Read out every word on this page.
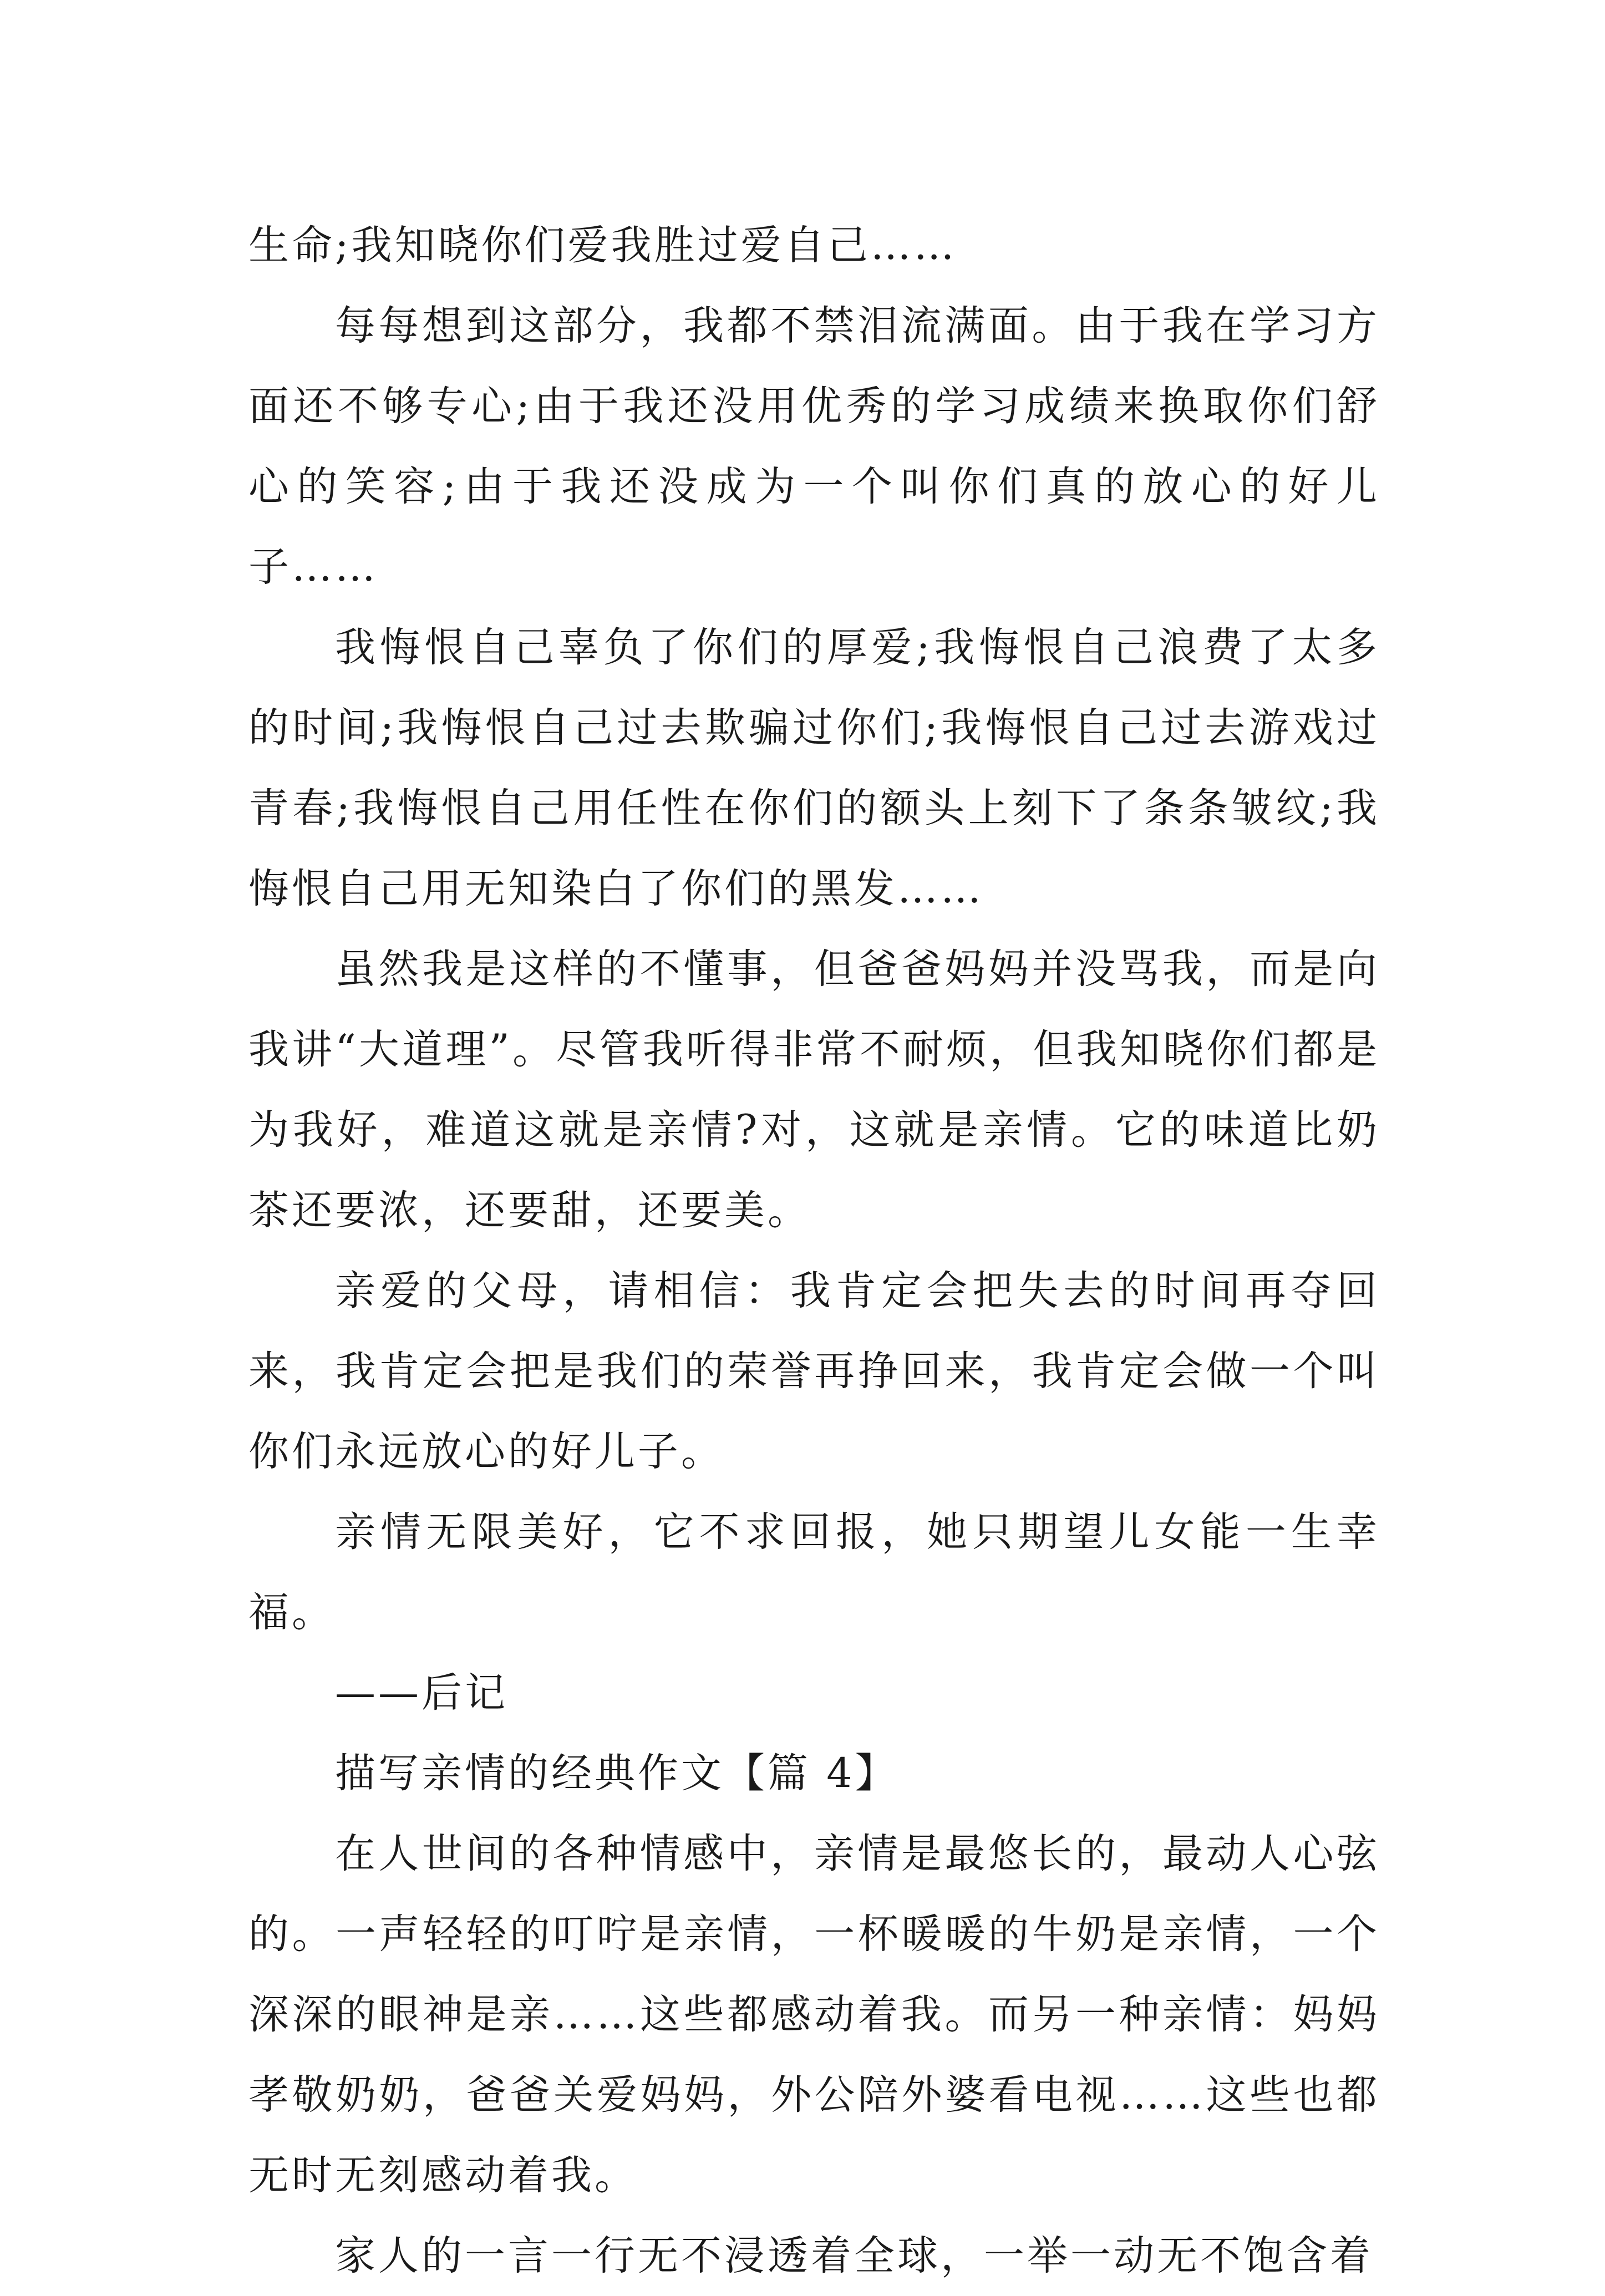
生命;我知晓你们爱我胜过爱自己……

每每想到这部分，我都不禁泪流满面。由于我在学习方面还不够专心;由于我还没用优秀的学习成绩来换取你们舒心的笑容;由于我还没成为一个叫你们真的放心的好儿子……

我悔恨自己辜负了你们的厚爱;我悔恨自己浪费了太多的时间;我悔恨自己过去欺骗过你们;我悔恨自己过去游戏过青春;我悔恨自己用任性在你们的额头上刻下了条条皱纹;我悔恨自己用无知染白了你们的黑发……

虽然我是这样的不懂事，但爸爸妈妈并没骂我，而是向我讲“大道理”。尽管我听得非常不耐烦，但我知晓你们都是为我好，难道这就是亲情?对，这就是亲情。它的味道比奶茶还要浓，还要甜，还要美。

亲爱的父母，请相信：我肯定会把失去的时间再夺回来，我肯定会把是我们的荣誉再挣回来，我肯定会做一个叫你们永远放心的好儿子。

亲情无限美好，它不求回报，她只期望儿女能一生幸福。

——后记

描写亲情的经典作文【篇 4】

在人世间的各种情感中，亲情是最悠长的，最动人心弦的。一声轻轻的叮咛是亲情，一杯暖暖的牛奶是亲情，一个深深的眼神是亲……这些都感动着我。而另一种亲情：妈妈孝敬奶奶，爸爸关爱妈妈，外公陪外婆看电视……这些也都无时无刻感动着我。

家人的一言一行无不浸透着全球，一举一动无不饱含着
